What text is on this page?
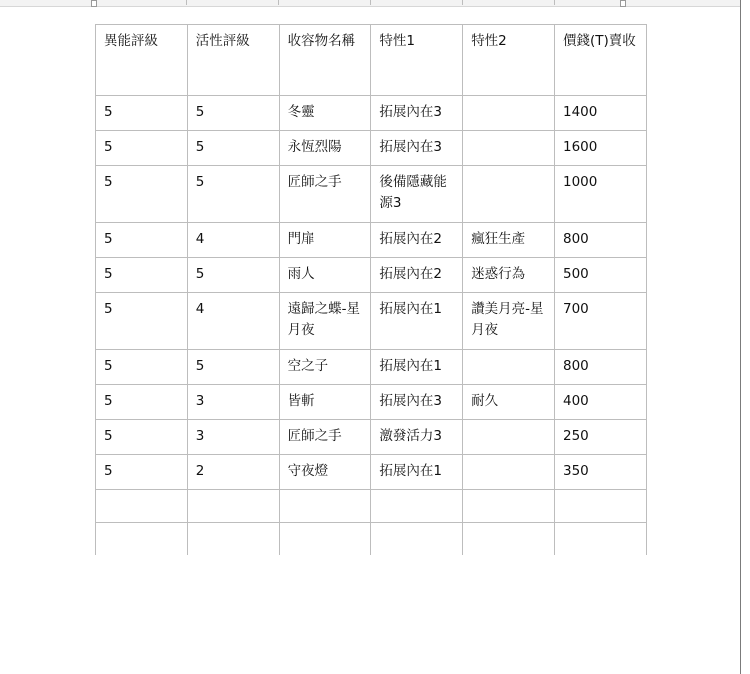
異能評級	活性評級	收容物名稱	特性1	特性2	價錢(T)賣收
5	5	冬靈	拓展內在3		1400
5	5	永恆烈陽	拓展內在3		1600
5	5	匠師之手	後備隱藏能源3		1000
5	4	門扉	拓展內在2	瘋狂生產	800
5	5	雨人	拓展內在2	迷惑行為	500
5	4	遠歸之蝶-星月夜	拓展內在1	讚美月亮-星月夜	700
5	5	空之子	拓展內在1		800
5	3	皆斬	拓展內在3	耐久	400
5	3	匠師之手	激發活力3		250
5	2	守夜燈	拓展內在1		350
